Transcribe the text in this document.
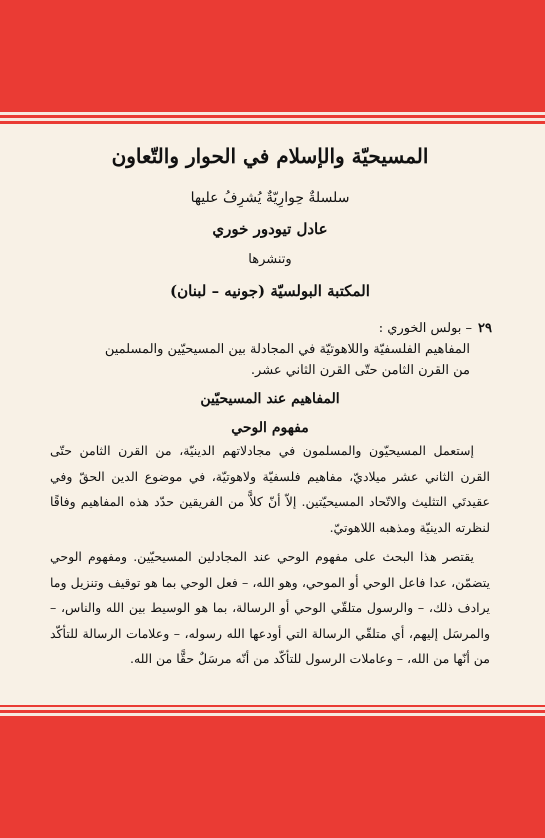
المسيحيّة والإسلام في الحوار والتّعاون
سلسلةٌ حِوارِيّةٌ يُشرِفُ عليها
عادل تيودور خوري
وتنشرها
المكتبة البولسيّة (جونيه – لبنان)
٢٩– بولس الخوري :
المفاهيم الفلسفيّة واللاهوتيّة في المجادلة بين المسيحيّين والمسلمين
من القرن الثامن حتّى القرن الثاني عشر.
المفاهيم عند المسيحيّين
مفهوم الوحي

إستعمل المسيحيّون والمسلمون في مجادلاتهم الدينيّة، من القرن الثامن حتّى القرن الثاني عشر ميلاديّ، مفاهيم فلسفيّة ولاهوتيّة، في موضوع الدين الحقّ وفي عقيدتَي التثليث والاتّحاد المسيحيّتين. إلاّ أنّ كلاًّ من الفريقين حدّد هذه المفاهيم وفاقًا لنظرته الدينيّة ومذهبه اللاهوتيّ.

يقتصر هذا البحث على مفهوم الوحي عند المجادلين المسيحيّين. ومفهوم الوحي يتضمّن، عدا فاعل الوحي أو الموحي، وهو الله، – فعل الوحي بما هو توقيف وتنزيل وما يرادف ذلك، – والرسول متلقّي الوحي أو الرسالة، بما هو الوسيط بين الله والناس، – والمرسَل إليهم، أي متلقّي الرسالة التي أودعها الله رسوله، – وعلامات الرسالة للتأكّد من أنّها من الله، – وعاملات الرسول للتأكّد من أنّه مرسَلٌ حقًّا من الله.
